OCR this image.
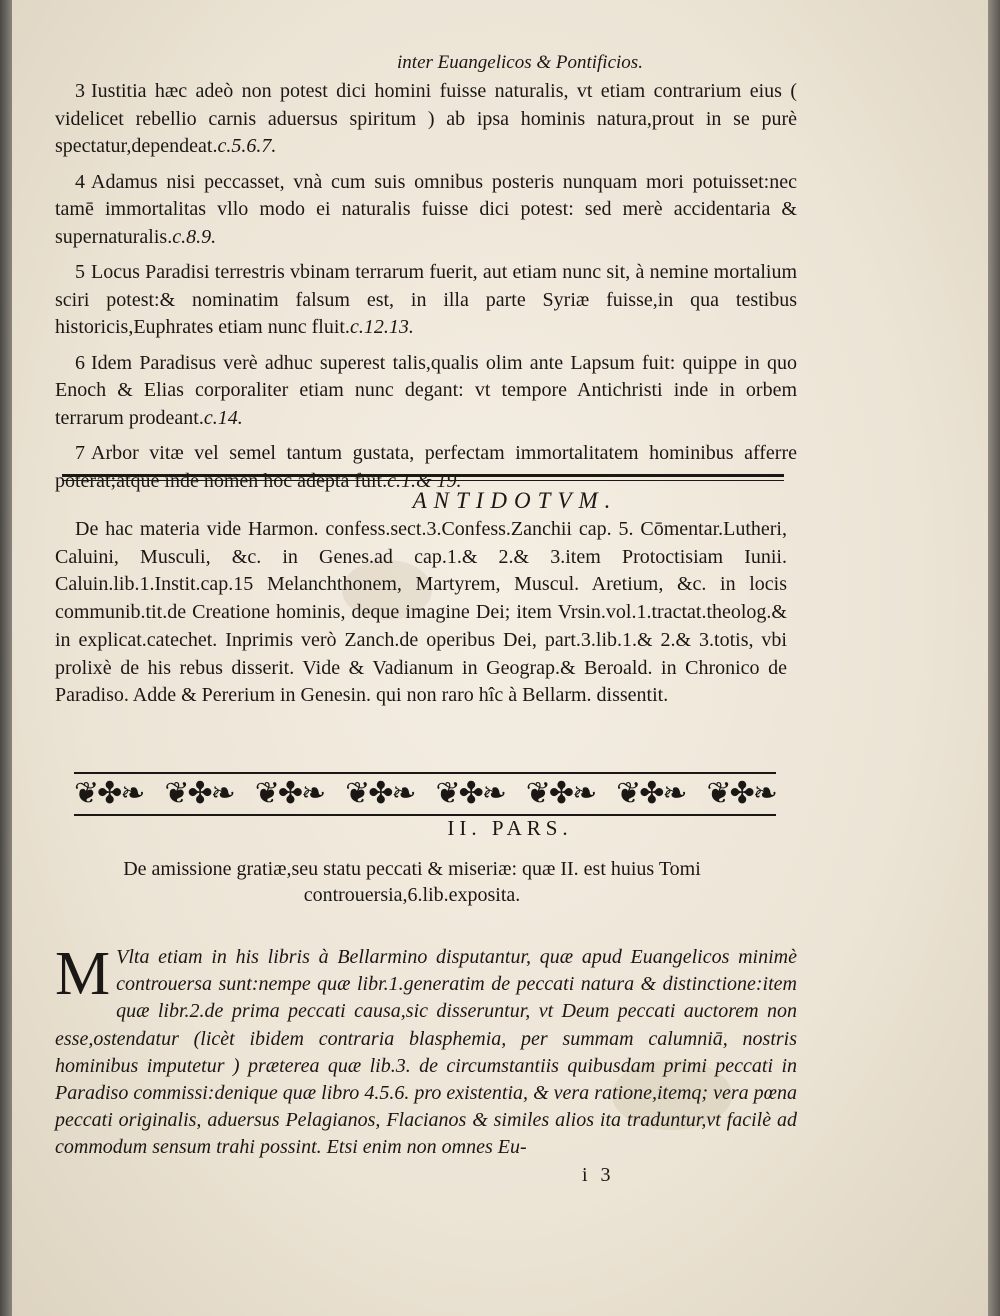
inter Euangelicos & Pontificios.

3 Iustitia hæc adeò non potest dici homini fuisse naturalis, vt etiam contrarium eius ( videlicet rebellio carnis aduersus spiritum ) ab ipsa hominis natura,prout in se purè spectatur,dependeat.c.5.6.7.

4 Adamus nisi peccasset, vnà cum suis omnibus posteris nunquam mori potuisset:nec tamē immortalitas vllo modo ei naturalis fuisse dici potest: sed merè accidentaria & supernaturalis.c.8.9.

5 Locus Paradisi terrestris vbinam terrarum fuerit, aut etiam nunc sit, à nemine mortalium sciri potest:& nominatim falsum est, in illa parte Syriæ fuisse,in qua testibus historicis,Euphrates etiam nunc fluit.c.12.13.

6 Idem Paradisus verè adhuc superest talis,qualis olim ante Lapsum fuit: quippe in quo Enoch & Elias corporaliter etiam nunc degant: vt tempore Antichristi inde in orbem terrarum prodeant.c.14.

7 Arbor vitæ vel semel tantum gustata, perfectam immortalitatem hominibus afferre poterat;atque inde nomen hoc adepta fuit.c.1.& 19.

ANTIDOTVM.
De hac materia vide Harmon. confess.sect.3.Confess.Zanchii cap. 5. Cōmentar.Lutheri, Caluini, Musculi, &c. in Genes.ad cap.1.& 2.& 3.item Protoctisiam Iunii. Caluin.lib.1.Instit.cap.15 Melanchthonem, Martyrem, Muscul. Aretium, &c. in locis communib.tit.de Creatione hominis, deque imagine Dei; item Vrsin.vol.1.tractat.theolog.& in explicat.catechet. Inprimis verò Zanch.de operibus Dei, part.3.lib.1.& 2.& 3.totis, vbi prolixè de his rebus disserit. Vide & Vadianum in Geograp.& Beroald. in Chronico de Paradiso. Adde & Pererium in Genesin. qui non raro hîc à Bellarm. dissentit.
❦✤❧ ❦✤❧ ❦✤❧ ❦✤❧ ❦✤❧ ❦✤❧ ❦✤❧ ❦✤❧
II. PARS.
De amissione gratiæ,seu statu peccati & miseriæ: quæ II. est huius Tomi controuersia,6.lib.exposita.
M Vlta etiam in his libris à Bellarmino disputantur, quæ apud Euangelicos minimè controuersa sunt:nempe quæ libr.1.generatim de peccati natura & distinctione:item quæ libr.2.de prima peccati causa,sic disseruntur, vt Deum peccati auctorem non esse,ostendatur (licèt ibidem contraria blasphemia, per summam calumniā, nostris hominibus imputetur ) præterea quæ lib.3. de circumstantiis quibusdam primi peccati in Paradiso commissi:denique quæ libro 4.5.6. pro existentia, & vera ratione,itemq; vera pœna peccati originalis, aduersus Pelagianos, Flacianos & similes alios ita traduntur,vt facilè ad commodum sensum trahi possint. Etsi enim non omnes Eu-
i 3
